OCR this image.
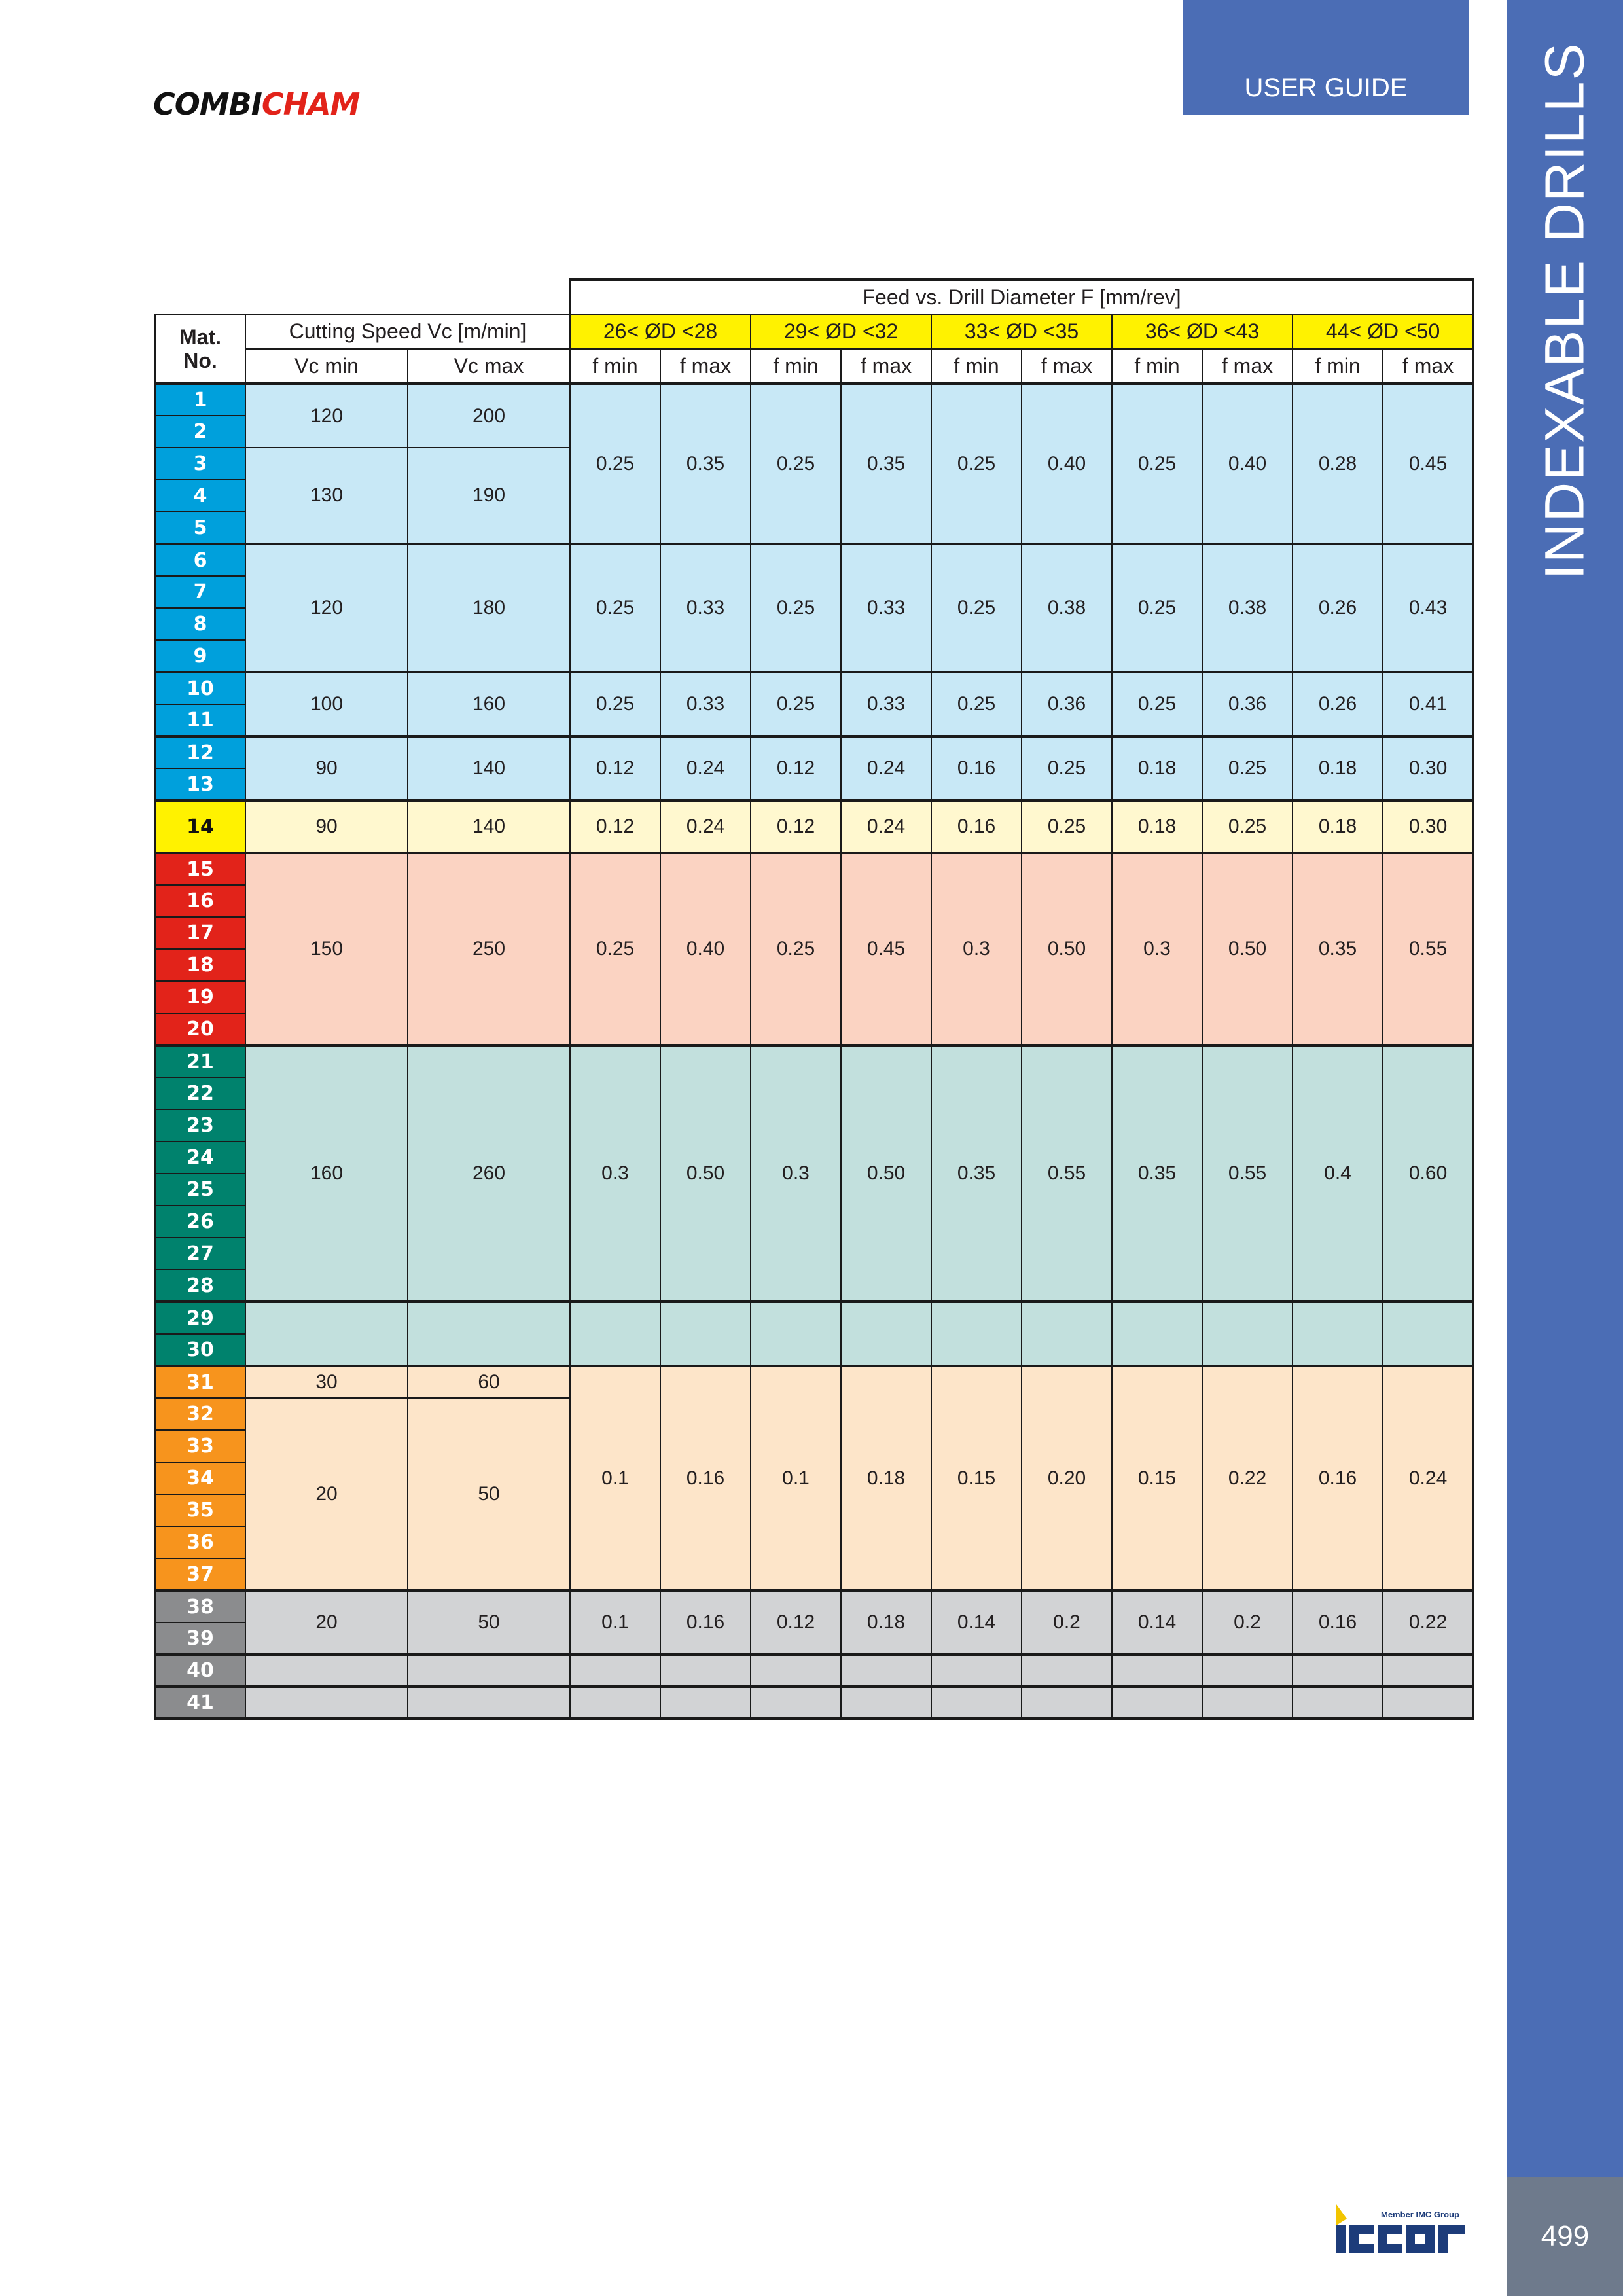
COMBICHAM	USER GUIDE INDEXABLE DRILLS
499
Member IMC Group
			Feed vs. Drill Diameter F [mm/rev]									
Mat.
No.	Cutting Speed Vc [m/min]		26< ØD <28		29< ØD <32		33< ØD <35		36< ØD <43		44< ØD <50	
	Vc min	Vc max	f min	f max	f min	f max	f min	f max	f min	f max	f min	f max
1	120	200	0.25	0.35	0.25	0.35	0.25	0.40	0.25	0.40	0.28	0.45
2												
3	130	190										
4												
5												
6	120	180	0.25	0.33	0.25	0.33	0.25	0.38	0.25	0.38	0.26	0.43
7												
8												
9												
10	100	160	0.25	0.33	0.25	0.33	0.25	0.36	0.25	0.36	0.26	0.41
11												
12	90	140	0.12	0.24	0.12	0.24	0.16	0.25	0.18	0.25	0.18	0.30
13												
14	90	140	0.12	0.24	0.12	0.24	0.16	0.25	0.18	0.25	0.18	0.30
15	150	250	0.25	0.40	0.25	0.45	0.3	0.50	0.3	0.50	0.35	0.55
16												
17												
18												
19												
20												
21	160	260	0.3	0.50	0.3	0.50	0.35	0.55	0.35	0.55	0.4	0.60
22												
23												
24												
25												
26												
27												
28												
29												
30												
31	30	60	0.1	0.16	0.1	0.18	0.15	0.20	0.15	0.22	0.16	0.24
32	20	50										
33												
34												
35												
36												
37												
38	20	50	0.1	0.16	0.12	0.18	0.14	0.2	0.14	0.2	0.16	0.22
39												
40												
41												
